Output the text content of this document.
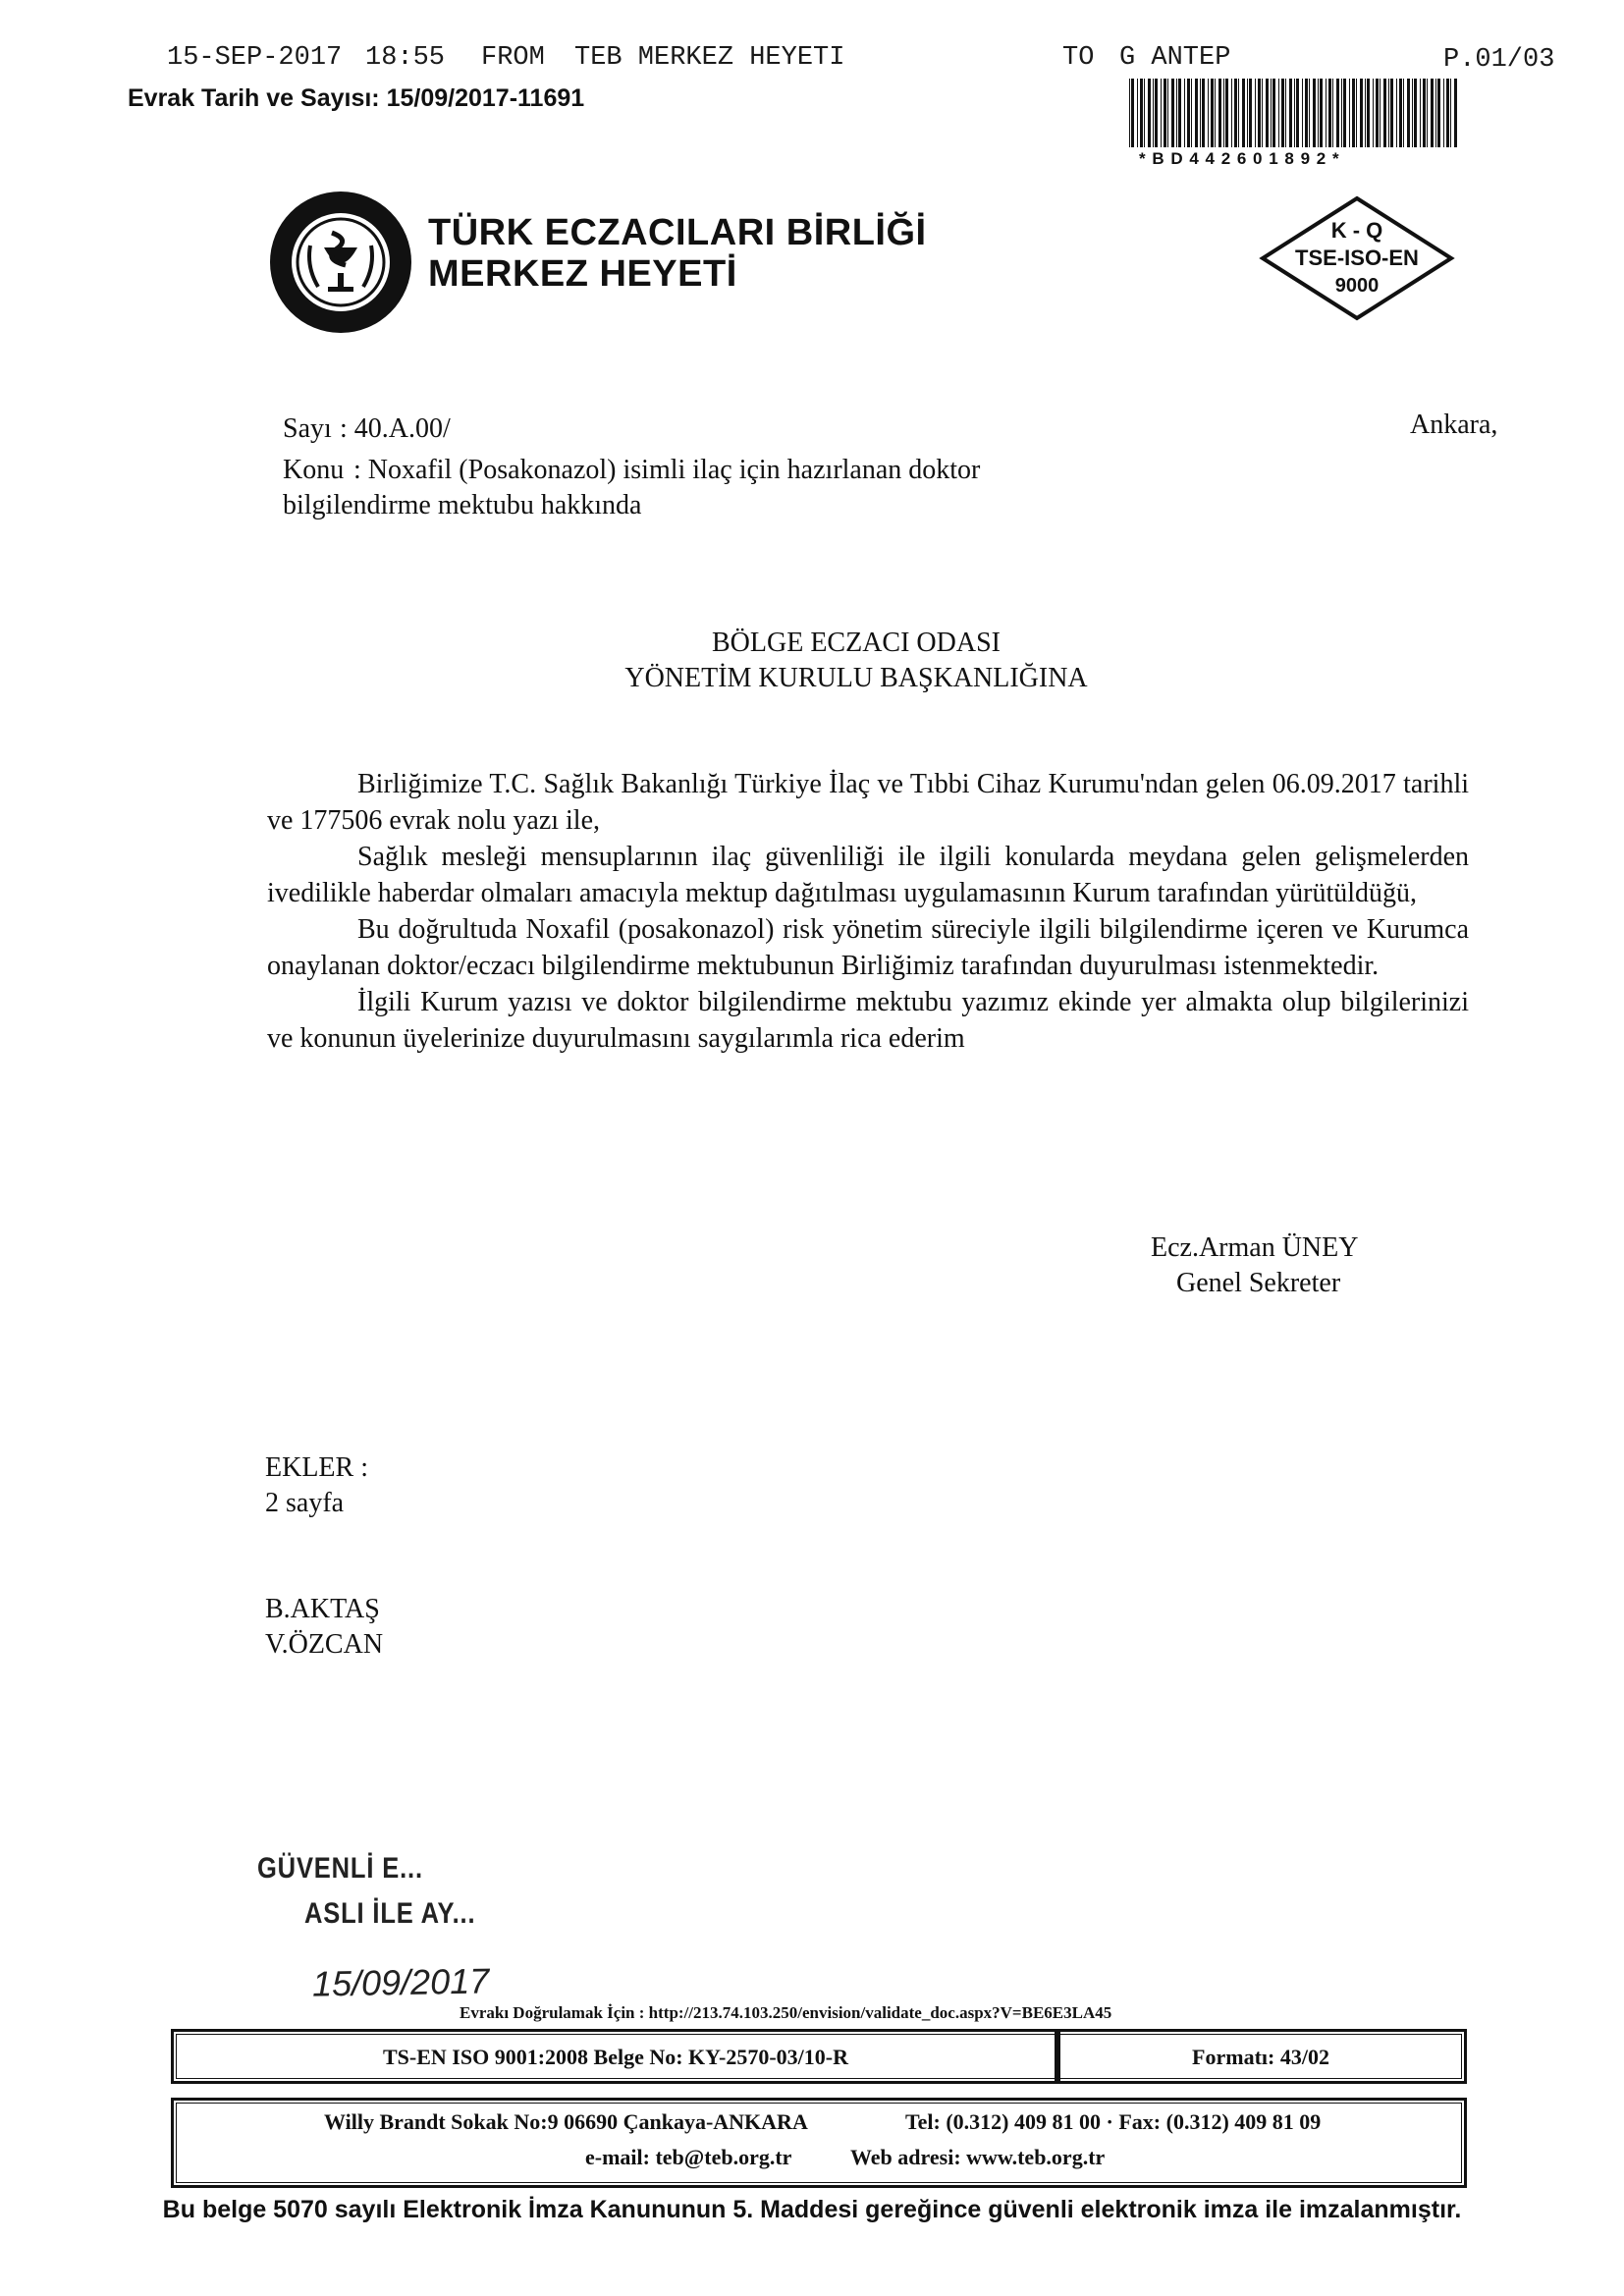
15-SEP-2017 18:55 FROM TEB MERKEZ HEYETI	TO G ANTEP	P.01/03
Evrak Tarih ve Sayısı: 15/09/2017-11691
* B D 4 4 2 6 0 1 8 9 2 *
TÜRK ECZACILARI BİRLİĞİ
MERKEZ HEYETİ
K - Q
TSE-ISO-EN
9000
Sayı : 40.A.00/	Ankara,
Konu : Noxafil (Posakonazol) isimli ilaç için hazırlanan doktor
bilgilendirme mektubu hakkında
BÖLGE ECZACI ODASI
YÖNETİM KURULU BAŞKANLIĞINA

Birliğimize T.C. Sağlık Bakanlığı Türkiye İlaç ve Tıbbi Cihaz Kurumu'ndan gelen 06.09.2017 tarihli ve 177506 evrak nolu yazı ile,

Sağlık mesleği mensuplarının ilaç güvenliliği ile ilgili konularda meydana gelen gelişmelerden ivedilikle haberdar olmaları amacıyla mektup dağıtılması uygulamasının Kurum tarafından yürütüldüğü,

Bu doğrultuda Noxafil (posakonazol) risk yönetim süreciyle ilgili bilgilendirme içeren ve Kurumca onaylanan doktor/eczacı bilgilendirme mektubunun Birliğimiz tarafından duyurulması istenmektedir.

İlgili Kurum yazısı ve doktor bilgilendirme mektubu yazımız ekinde yer almakta olup bilgilerinizi ve konunun üyelerinize duyurulmasını saygılarımla rica ederim

Ecz.Arman ÜNEY
Genel Sekreter
EKLER :
2 sayfa
B.AKTAŞ
V.ÖZCAN
GÜVENLİ E...
ASLI İLE AY...
15/09/2017
Evrakı Doğrulamak İçin : http://213.74.103.250/envision/validate_doc.aspx?V=BE6E3LA45
TS-EN ISO 9001:2008 Belge No: KY-2570-03/10-R	Formatı: 43/02
Willy Brandt Sokak No:9 06690 Çankaya-ANKARA	Tel: (0.312) 409 81 00 · Fax: (0.312) 409 81 09
e-mail: teb@teb.org.tr	Web adresi: www.teb.org.tr
Bu belge 5070 sayılı Elektronik İmza Kanununun 5. Maddesi gereğince güvenli elektronik imza ile imzalanmıştır.
